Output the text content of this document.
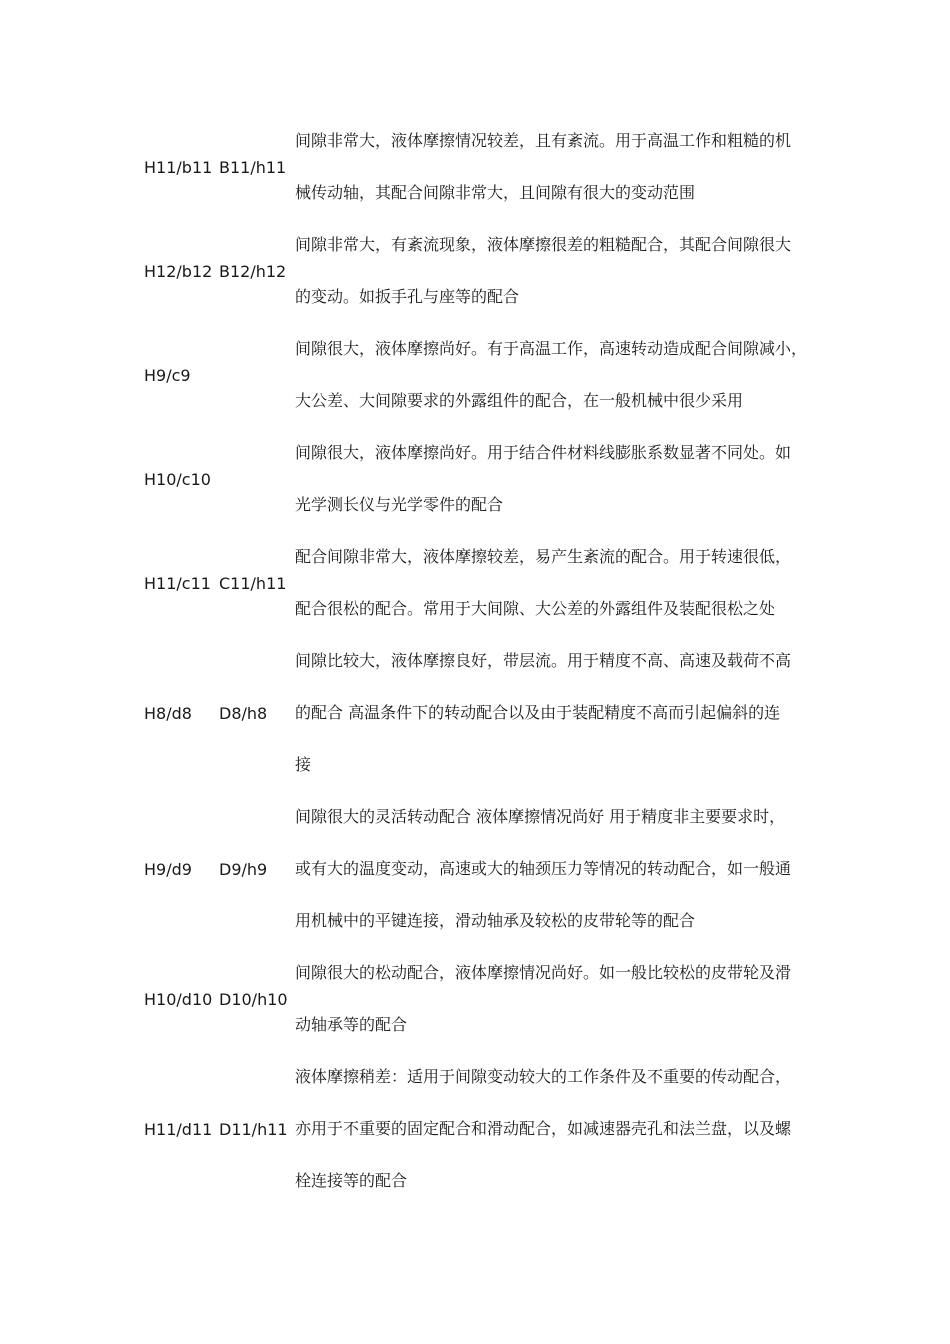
H11/b11 B11/h11
间隙非常大，液体摩擦情况较差，且有紊流。用于高温工作和粗糙的机
械传动轴，其配合间隙非常大，且间隙有很大的变动范围
H12/b12 B12/h12
间隙非常大，有紊流现象，液体摩擦很差的粗糙配合，其配合间隙很大
的变动。如扳手孔与座等的配合
H9/c9
间隙很大，液体摩擦尚好。有于高温工作，高速转动造成配合间隙减小，
大公差、大间隙要求的外露组件的配合，在一般机械中很少采用
H10/c10
间隙很大，液体摩擦尚好。用于结合件材料线膨胀系数显著不同处。如
光学测长仪与光学零件的配合
H11/c11 C11/h11
配合间隙非常大，液体摩擦较差，易产生紊流的配合。用于转速很低，
配合很松的配合。常用于大间隙、大公差的外露组件及装配很松之处
H8/d8	D8/h8
间隙比较大，液体摩擦良好，带层流。用于精度不高、高速及载荷不高
的配合 高温条件下的转动配合以及由于装配精度不高而引起偏斜的连
接
H9/d9	D9/h9
间隙很大的灵活转动配合 液体摩擦情况尚好 用于精度非主要要求时，
或有大的温度变动，高速或大的轴颈压力等情况的转动配合，如一般通
用机械中的平键连接，滑动轴承及较松的皮带轮等的配合
H10/d10 D10/h10
间隙很大的松动配合，液体摩擦情况尚好。如一般比较松的皮带轮及滑
动轴承等的配合
H11/d11 D11/h11
液体摩擦稍差：适用于间隙变动较大的工作条件及不重要的传动配合，
亦用于不重要的固定配合和滑动配合，如减速器壳孔和法兰盘，以及螺
栓连接等的配合
